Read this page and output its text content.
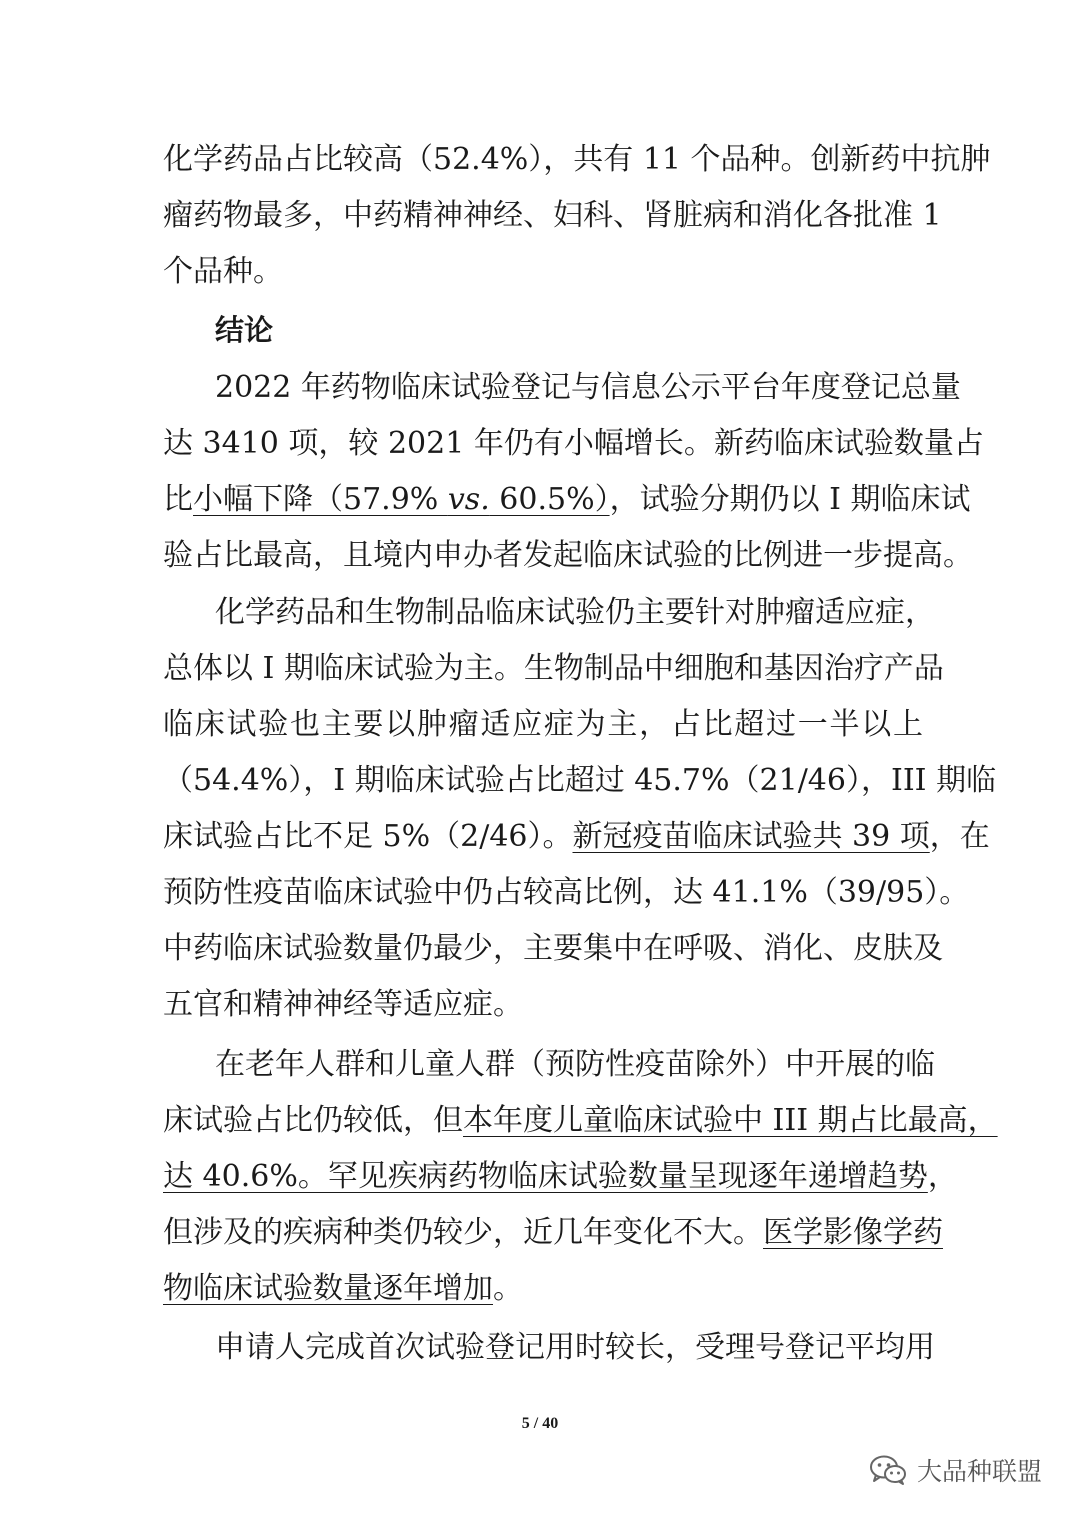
化学药品占比较高（52.4%），共有 11 个品种。创新药中抗肿
瘤药物最多，中药精神神经、妇科、肾脏病和消化各批准 1
个品种。
结论
2022 年药物临床试验登记与信息公示平台年度登记总量
达 3410 项，较 2021 年仍有小幅增长。新药临床试验数量占
比小幅下降（57.9% vs. 60.5%），试验分期仍以 I 期临床试
验占比最高，且境内申办者发起临床试验的比例进一步提高。
化学药品和生物制品临床试验仍主要针对肿瘤适应症，
总体以 I 期临床试验为主。生物制品中细胞和基因治疗产品
临床试验也主要以肿瘤适应症为主，占比超过一半以上
（54.4%），I 期临床试验占比超过 45.7%（21/46），III 期临
床试验占比不足 5%（2/46）。新冠疫苗临床试验共 39 项，在
预防性疫苗临床试验中仍占较高比例，达 41.1%（39/95）。
中药临床试验数量仍最少，主要集中在呼吸、消化、皮肤及
五官和精神神经等适应症。
在老年人群和儿童人群（预防性疫苗除外）中开展的临
床试验占比仍较低，但本年度儿童临床试验中 III 期占比最高，
达 40.6%。罕见疾病药物临床试验数量呈现逐年递增趋势，
但涉及的疾病种类仍较少，近几年变化不大。医学影像学药
物临床试验数量逐年增加。
申请人完成首次试验登记用时较长，受理号登记平均用
5 / 40
大品种联盟
